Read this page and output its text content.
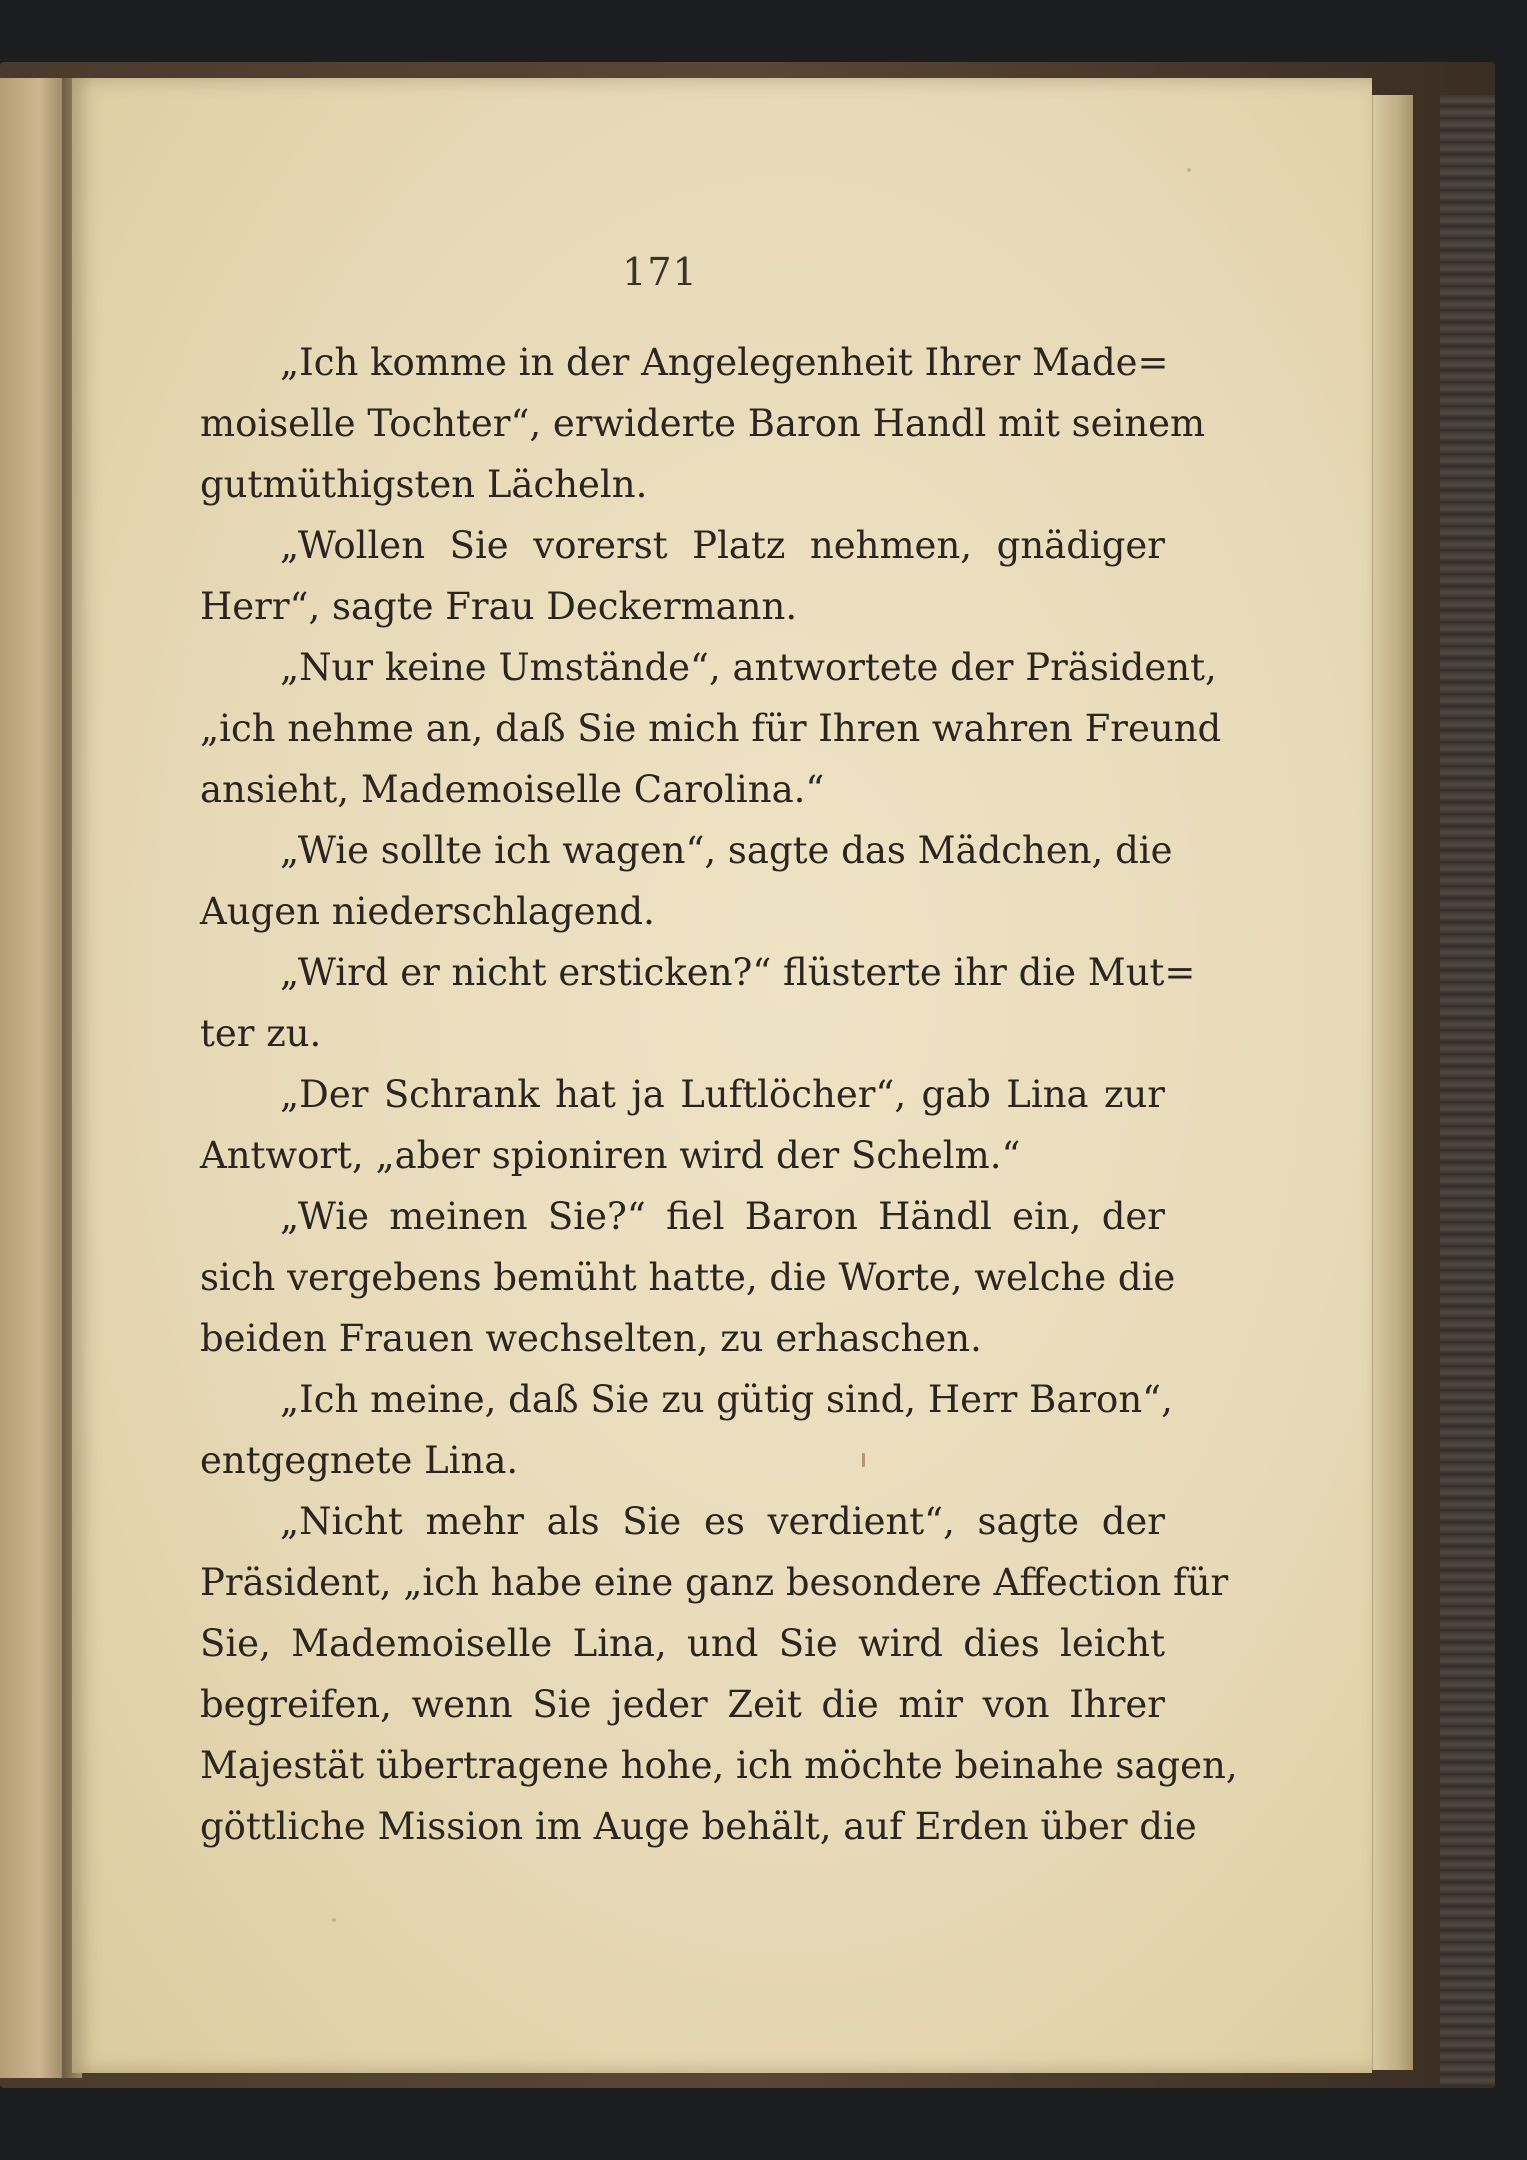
171
„Ich komme in der Angelegenheit Ihrer Made=
moiselle Tochter“, erwiderte Baron Handl mit seinem
gutmüthigsten Lächeln.
„Wollen Sie vorerst Platz nehmen, gnädiger
Herr“, sagte Frau Deckermann.
„Nur keine Umstände“, antwortete der Präsident,
„ich nehme an, daß Sie mich für Ihren wahren Freund
ansieht, Mademoiselle Carolina.“
„Wie sollte ich wagen“, sagte das Mädchen, die
Augen niederschlagend.
„Wird er nicht ersticken?“ flüsterte ihr die Mut=
ter zu.
„Der Schrank hat ja Luftlöcher“, gab Lina zur
Antwort, „aber spioniren wird der Schelm.“
„Wie meinen Sie?“ fiel Baron Händl ein, der
sich vergebens bemüht hatte, die Worte, welche die
beiden Frauen wechselten, zu erhaschen.
„Ich meine, daß Sie zu gütig sind, Herr Baron“,
entgegnete Lina.
„Nicht mehr als Sie es verdient“, sagte der
Präsident, „ich habe eine ganz besondere Affection für
Sie, Mademoiselle Lina, und Sie wird dies leicht
begreifen, wenn Sie jeder Zeit die mir von Ihrer
Majestät übertragene hohe, ich möchte beinahe sagen,
göttliche Mission im Auge behält, auf Erden über die
